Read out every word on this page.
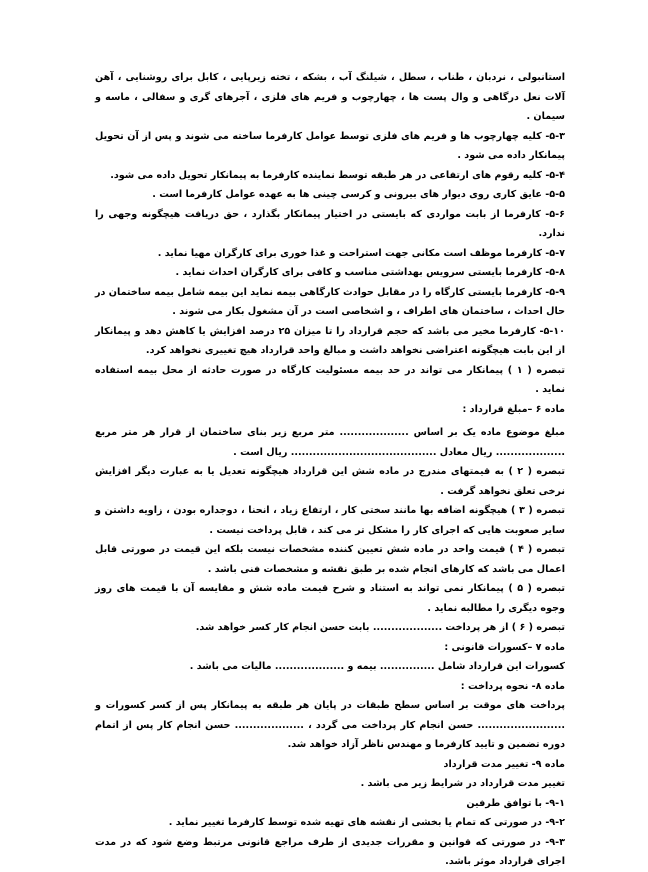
استانبولی ، نردبان ، طناب ، سطل ، شیلنگ آب ، بشکه ، تخته زیرپایی ، کابل برای روشنایی ، آهن آلات نعل درگاهی و وال پست ها ، چهارچوب و فریم های فلزی ، آجرهای گری و سفالی ، ماسه و سیمان .

۵-۳- کلیه چهارچوب ها و فریم های فلزی توسط عوامل کارفرما ساخته می شوند و پس از آن تحویل پیمانکار داده می شود .

۵-۴- کلیه رقوم های ارتفاعی در هر طبقه توسط نماینده کارفرما به پیمانکار تحویل داده می شود.

۵-۵- عایق کاری روی دیوار های بیرونی و کرسی چینی ها به عهده عوامل کارفرما است .

۵-۶- کارفرما از بابت مواردی که بایستی در اختیار پیمانکار بگذارد ، حق دریافت هیچگونه وجهی را ندارد.

۵-۷- کارفرما موظف است مکانی جهت استراحت و غذا خوری برای کارگران مهیا نماید .

۵-۸- کارفرما بایستی سرویس بهداشتی مناسب و کافی برای کارگران احداث نماید .

۵-۹- کارفرما بایستی کارگاه را در مقابل حوادث کارگاهی بیمه نماید این بیمه شامل بیمه ساختمان در حال احداث ، ساختمان های اطراف ، و اشخاصی است در آن مشغول بکار می شوند .

۵-۱۰- کارفرما مخیر می باشد که حجم قرارداد را تا میزان ۲۵ درصد افزایش یا کاهش دهد و پیمانکار از این بابت هیچگونه اعتراضی نخواهد داشت و مبالغ واحد قرارداد هیچ تغییری نخواهد کرد.

تبصره ( ۱ ) پیمانکار می تواند در حد بیمه مسئولیت کارگاه در صورت حادثه از محل بیمه استفاده نماید .

ماده ۶ –مبلغ قرارداد :

مبلغ موضوع ماده یک بر اساس ................... متر مربع زیر بنای ساختمان از قرار هر متر مربع ................... ریال معادل ........................................ ریال است .

تبصره ( ۲ ) به قیمتهای مندرج در ماده شش این قرارداد هیچگونه تعدیل یا به عبارت دیگر افزایش نرخی تعلق نخواهد گرفت .

تبصره ( ۳ ) هیچگونه اضافه بها مانند سختی کار ، ارتفاع زیاد ، انحنا ، دوجداره بودن ، زاویه داشتن و سایر صعوبت هایی که اجرای کار را مشکل تر می کند ، قابل پرداخت نیست .

تبصره ( ۴ ) قیمت واحد در ماده شش تعیین کننده مشخصات نیست بلکه این قیمت در صورتی قابل اعمال می باشد که کارهای انجام شده بر طبق نقشه و مشخصات فنی باشد .

تبصره ( ۵ ) پیمانکار نمی تواند به استناد و شرح قیمت ماده شش و مقایسه آن با قیمت های روز وجوه دیگری را مطالبه نماید .

تبصره ( ۶ ) از هر پرداخت ................... بابت حسن انجام کار کسر خواهد شد.

ماده ۷ –کسورات قانونی :

کسورات این قرارداد شامل ............... بیمه و ................... مالیات می باشد .

ماده ۸- نحوه پرداخت :

پرداخت های موقت بر اساس سطح طبقات در پایان هر طبقه به پیمانکار پس از کسر کسورات و ........................ حسن انجام کار پرداخت می گردد ، ................... حسن انجام کار پس از اتمام دوره تضمین و تایید کارفرما و مهندس ناظر آزاد خواهد شد.

ماده ۹- تغییر مدت قرارداد

تغییر مدت قرارداد در شرایط زیر می باشد .

۹-۱- با توافق طرفین

۹-۲- در صورتی که تمام یا بخشی از نقشه های تهیه شده توسط کارفرما تغییر نماید .

۹-۳- در صورتی که قوانین و مقررات جدیدی از طرف مراجع قانونی مرتبط وضع شود که در مدت اجرای قرارداد موثر باشد.
